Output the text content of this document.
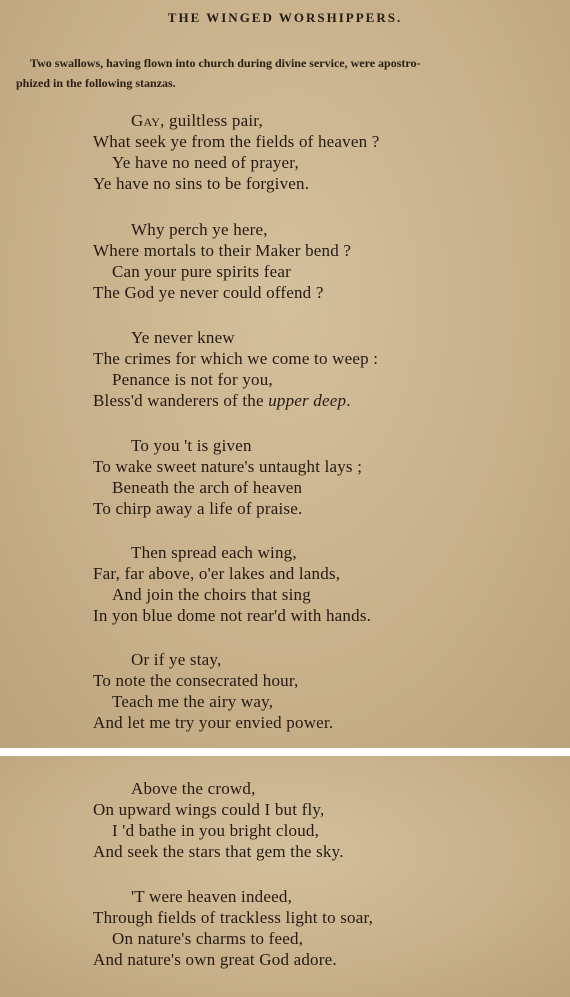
THE WINGED WORSHIPPERS.
Two swallows, having flown into church during divine service, were apostro-
phized in the following stanzas.
Gay, guiltless pair,
What seek ye from the fields of heaven ?
Ye have no need of prayer,
Ye have no sins to be forgiven.
Why perch ye here,
Where mortals to their Maker bend ?
Can your pure spirits fear
The God ye never could offend ?
Ye never knew
The crimes for which we come to weep :
Penance is not for you,
Bless'd wanderers of the upper deep.
To you 't is given
To wake sweet nature's untaught lays ;
Beneath the arch of heaven
To chirp away a life of praise.
Then spread each wing,
Far, far above, o'er lakes and lands,
And join the choirs that sing
In yon blue dome not rear'd with hands.
Or if ye stay,
To note the consecrated hour,
Teach me the airy way,
And let me try your envied power.
Above the crowd,
On upward wings could I but fly,
I 'd bathe in you bright cloud,
And seek the stars that gem the sky.
'T were heaven indeed,
Through fields of trackless light to soar,
On nature's charms to feed,
And nature's own great God adore.
